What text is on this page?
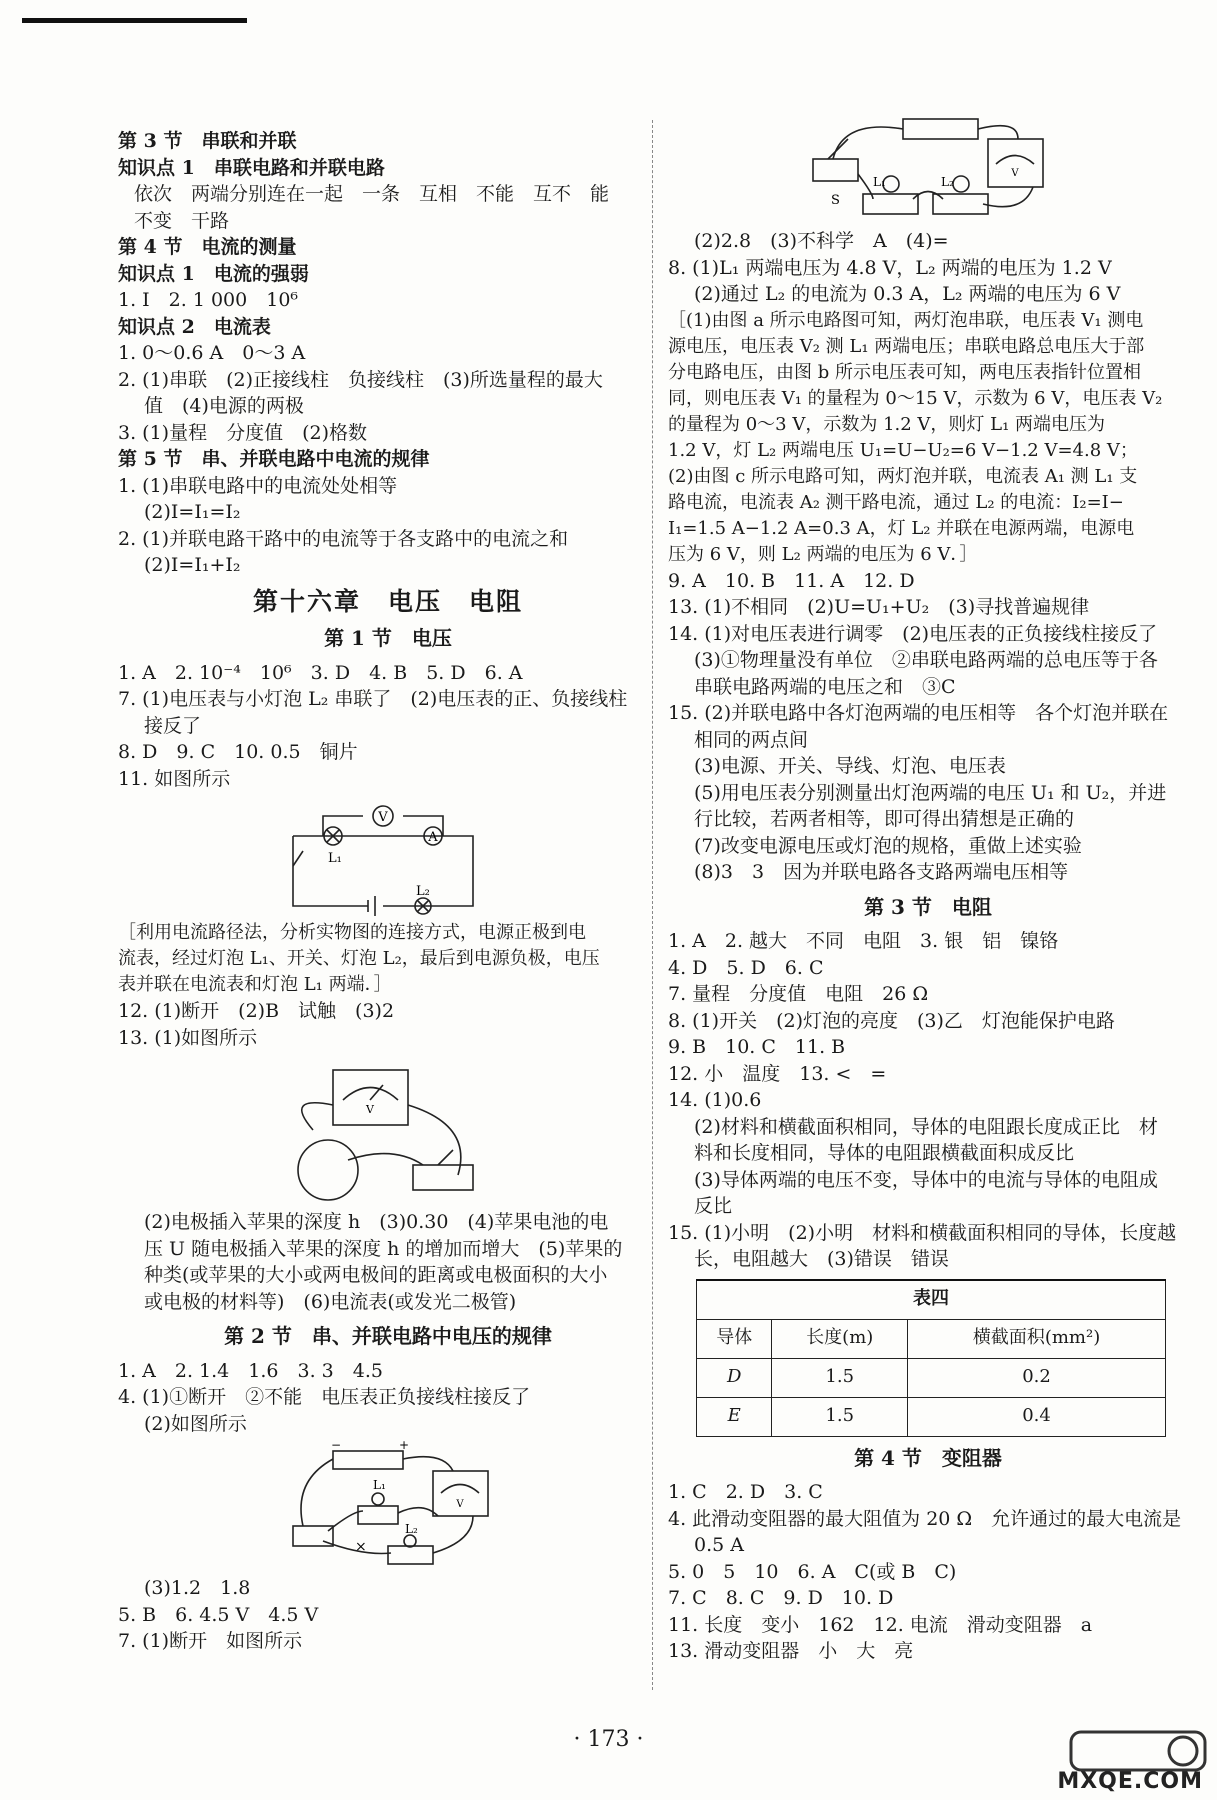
第 3 节　串联和并联
知识点 1　串联电路和并联电路
依次　两端分别连在一起　一条　互相　不能　互不　能
不变　干路
第 4 节　电流的测量
知识点 1　电流的强弱
1. I　2. 1 000　10⁶
知识点 2　电流表
1. 0～0.6 A　0～3 A
2. (1)串联　(2)正接线柱　负接线柱　(3)所选量程的最大
值　(4)电源的两极
3. (1)量程　分度值　(2)格数
第 5 节　串、并联电路中电流的规律
1. (1)串联电路中的电流处处相等
(2)I=I₁=I₂
2. (1)并联电路干路中的电流等于各支路中的电流之和
(2)I=I₁+I₂
第十六章　电压　电阻
第 1 节　电压
1. A　2. 10⁻⁴　10⁶　3. D　4. B　5. D　6. A
7. (1)电压表与小灯泡 L₂ 串联了　(2)电压表的正、负接线柱
接反了
8. D　9. C　10. 0.5　铜片
11. 如图所示
V
A
L₁
L₂
［利用电流路径法，分析实物图的连接方式，电源正极到电
流表，经过灯泡 L₁、开关、灯泡 L₂，最后到电源负极，电压
表并联在电流表和灯泡 L₁ 两端．］
12. (1)断开　(2)B　试触　(3)2
13. (1)如图所示
V
(2)电极插入苹果的深度 h　(3)0.30　(4)苹果电池的电
压 U 随电极插入苹果的深度 h 的增加而增大　(5)苹果的
种类(或苹果的大小或两电极间的距离或电极面积的大小
或电极的材料等)　(6)电流表(或发光二极管)
第 2 节　串、并联电路中电压的规律
1. A　2. 1.4　1.6　3. 3　4.5
4. (1)①断开　②不能　电压表正负接线柱接反了
(2)如图所示
L₁
L₂
×
−	+
V
(3)1.2　1.8
5. B　6. 4.5 V　4.5 V
7. (1)断开　如图所示
S
L₁	L₂
V
(2)2.8　(3)不科学　A　(4)=
8. (1)L₁ 两端电压为 4.8 V，L₂ 两端的电压为 1.2 V
(2)通过 L₂ 的电流为 0.3 A，L₂ 两端的电压为 6 V
［(1)由图 a 所示电路图可知，两灯泡串联，电压表 V₁ 测电
源电压，电压表 V₂ 测 L₁ 两端电压；串联电路总电压大于部
分电路电压，由图 b 所示电压表可知，两电压表指针位置相
同，则电压表 V₁ 的量程为 0～15 V，示数为 6 V，电压表 V₂
的量程为 0～3 V，示数为 1.2 V，则灯 L₁ 两端电压为
1.2 V，灯 L₂ 两端电压 U₁=U−U₂=6 V−1.2 V=4.8 V；
(2)由图 c 所示电路可知，两灯泡并联，电流表 A₁ 测 L₁ 支
路电流，电流表 A₂ 测干路电流，通过 L₂ 的电流：I₂=I−
I₁=1.5 A−1.2 A=0.3 A，灯 L₂ 并联在电源两端，电源电
压为 6 V，则 L₂ 两端的电压为 6 V．］
9. A　10. B　11. A　12. D
13. (1)不相同　(2)U=U₁+U₂　(3)寻找普遍规律
14. (1)对电压表进行调零　(2)电压表的正负接线柱接反了
(3)①物理量没有单位　②串联电路两端的总电压等于各
串联电路两端的电压之和　③C
15. (2)并联电路中各灯泡两端的电压相等　各个灯泡并联在
相同的两点间
(3)电源、开关、导线、灯泡、电压表
(5)用电压表分别测量出灯泡两端的电压 U₁ 和 U₂，并进
行比较，若两者相等，即可得出猜想是正确的
(7)改变电源电压或灯泡的规格，重做上述实验
(8)3　3　因为并联电路各支路两端电压相等
第 3 节　电阻
1. A　2. 越大　不同　电阻　3. 银　铝　镍铬
4. D　5. D　6. C
7. 量程　分度值　电阻　26 Ω
8. (1)开关　(2)灯泡的亮度　(3)乙　灯泡能保护电路
9. B　10. C　11. B
12. 小　温度　13. <　=
14. (1)0.6
(2)材料和横截面积相同，导体的电阻跟长度成正比　材
料和长度相同，导体的电阻跟横截面积成反比
(3)导体两端的电压不变，导体中的电流与导体的电阻成
反比
15. (1)小明　(2)小明　材料和横截面积相同的导体，长度越
长，电阻越大　(3)错误　错误
表四		
导体	长度(m)	横截面积(mm²)
D	1.5	0.2
E	1.5	0.4
第 4 节　变阻器
1. C　2. D　3. C
4. 此滑动变阻器的最大阻值为 20 Ω　允许通过的最大电流是
0.5 A
5. 0　5　10　6. A　C(或 B　C)
7. C　8. C　9. D　10. D
11. 长度　变小　162　12. 电流　滑动变阻器　a
13. 滑动变阻器　小　大　亮
· 173 ·
MXQE.COM
